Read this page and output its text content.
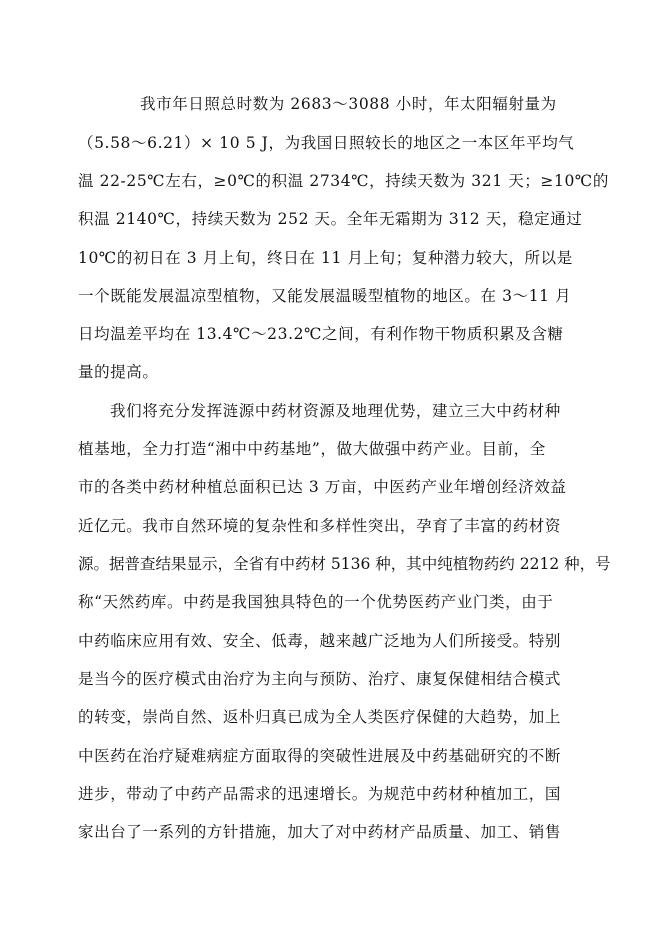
我市年日照总时数为 2683～3088 小时，年太阳辐射量为
（5.58～6.21）× 10 5 J，为我国日照较长的地区之一本区年平均气
温 22-25℃左右，≥0℃的积温 2734℃，持续天数为 321 天；≥10℃的
积温 2140℃，持续天数为 252 天。全年无霜期为 312 天，稳定通过
10℃的初日在 3 月上旬，终日在 11 月上旬；复种潜力较大，所以是
一个既能发展温凉型植物，又能发展温暖型植物的地区。在 3～11 月
日均温差平均在 13.4℃～23.2℃之间，有利作物干物质积累及含糖
量的提高。
我们将充分发挥涟源中药材资源及地理优势，建立三大中药材种
植基地，全力打造“湘中中药基地”，做大做强中药产业。目前，全
市的各类中药材种植总面积已达 3 万亩，中医药产业年增创经济效益
近亿元。我市自然环境的复杂性和多样性突出，孕育了丰富的药材资
源。据普查结果显示，全省有中药材 5136 种，其中纯植物药约 2212 种，号
称“天然药库。中药是我国独具特色的一个优势医药产业门类，由于
中药临床应用有效、安全、低毒，越来越广泛地为人们所接受。特别
是当今的医疗模式由治疗为主向与预防、治疗、康复保健相结合模式
的转变，崇尚自然、返朴归真已成为全人类医疗保健的大趋势，加上
中医药在治疗疑难病症方面取得的突破性进展及中药基础研究的不断
进步，带动了中药产品需求的迅速增长。为规范中药材种植加工，国
家出台了一系列的方针措施，加大了对中药材产品质量、加工、销售
